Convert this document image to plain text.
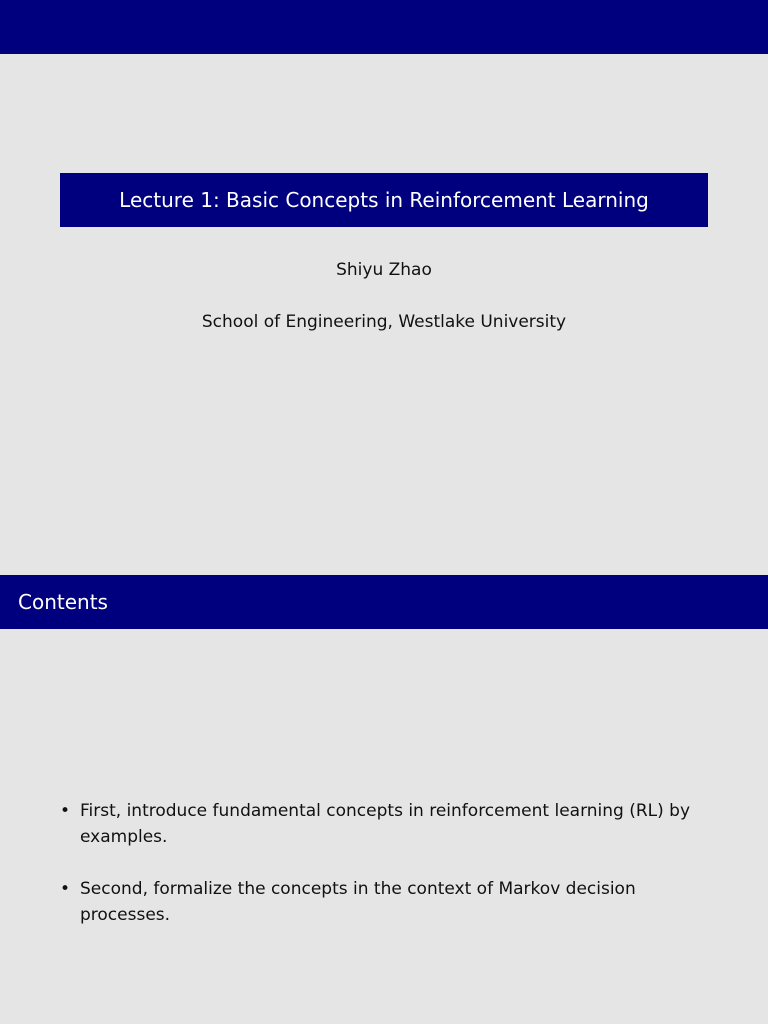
Lecture 1: Basic Concepts in Reinforcement Learning
Shiyu Zhao
School of Engineering, Westlake University
Contents
• First, introduce fundamental concepts in reinforcement learning (RL) by examples.
• Second, formalize the concepts in the context of Markov decision processes.
